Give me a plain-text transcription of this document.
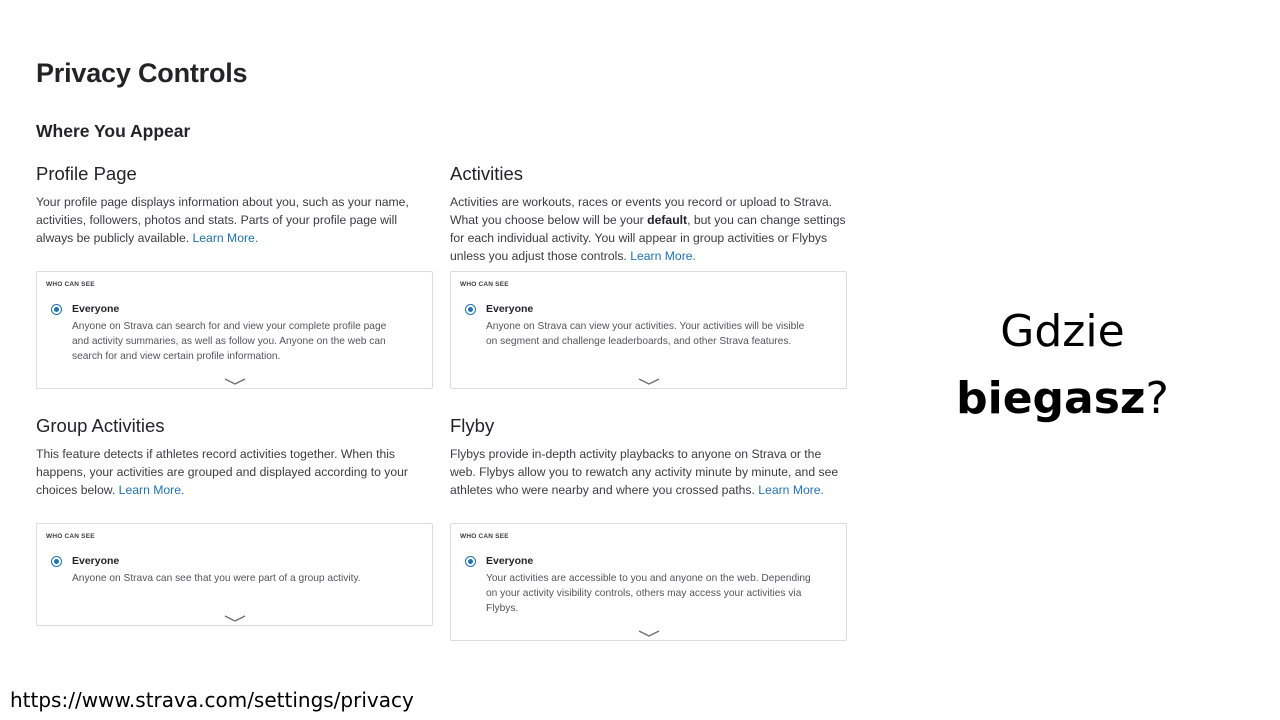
Privacy Controls
Where You Appear
Profile Page

Your profile page displays information about you, such as your name, activities, followers, photos and stats. Parts of your profile page will always be publicly available. Learn More.

WHO CAN SEE
Everyone
Anyone on Strava can search for and view your complete profile page and activity summaries, as well as follow you. Anyone on the web can search for and view certain profile information.
Activities

Activities are workouts, races or events you record or upload to Strava. What you choose below will be your default, but you can change settings for each individual activity. You will appear in group activities or Flybys unless you adjust those controls. Learn More.

WHO CAN SEE
Everyone
Anyone on Strava can view your activities. Your activities will be visible on segment and challenge leaderboards, and other Strava features.
Group Activities

This feature detects if athletes record activities together. When this happens, your activities are grouped and displayed according to your choices below. Learn More.

WHO CAN SEE
Everyone
Anyone on Strava can see that you were part of a group activity.
Flyby

Flybys provide in-depth activity playbacks to anyone on Strava or the web. Flybys allow you to rewatch any activity minute by minute, and see athletes who were nearby and where you crossed paths. Learn More.

WHO CAN SEE
Everyone
Your activities are accessible to you and anyone on the web. Depending on your activity visibility controls, others may access your activities via Flybys.
Gdzie
biegasz?
https://www.strava.com/settings/privacy
